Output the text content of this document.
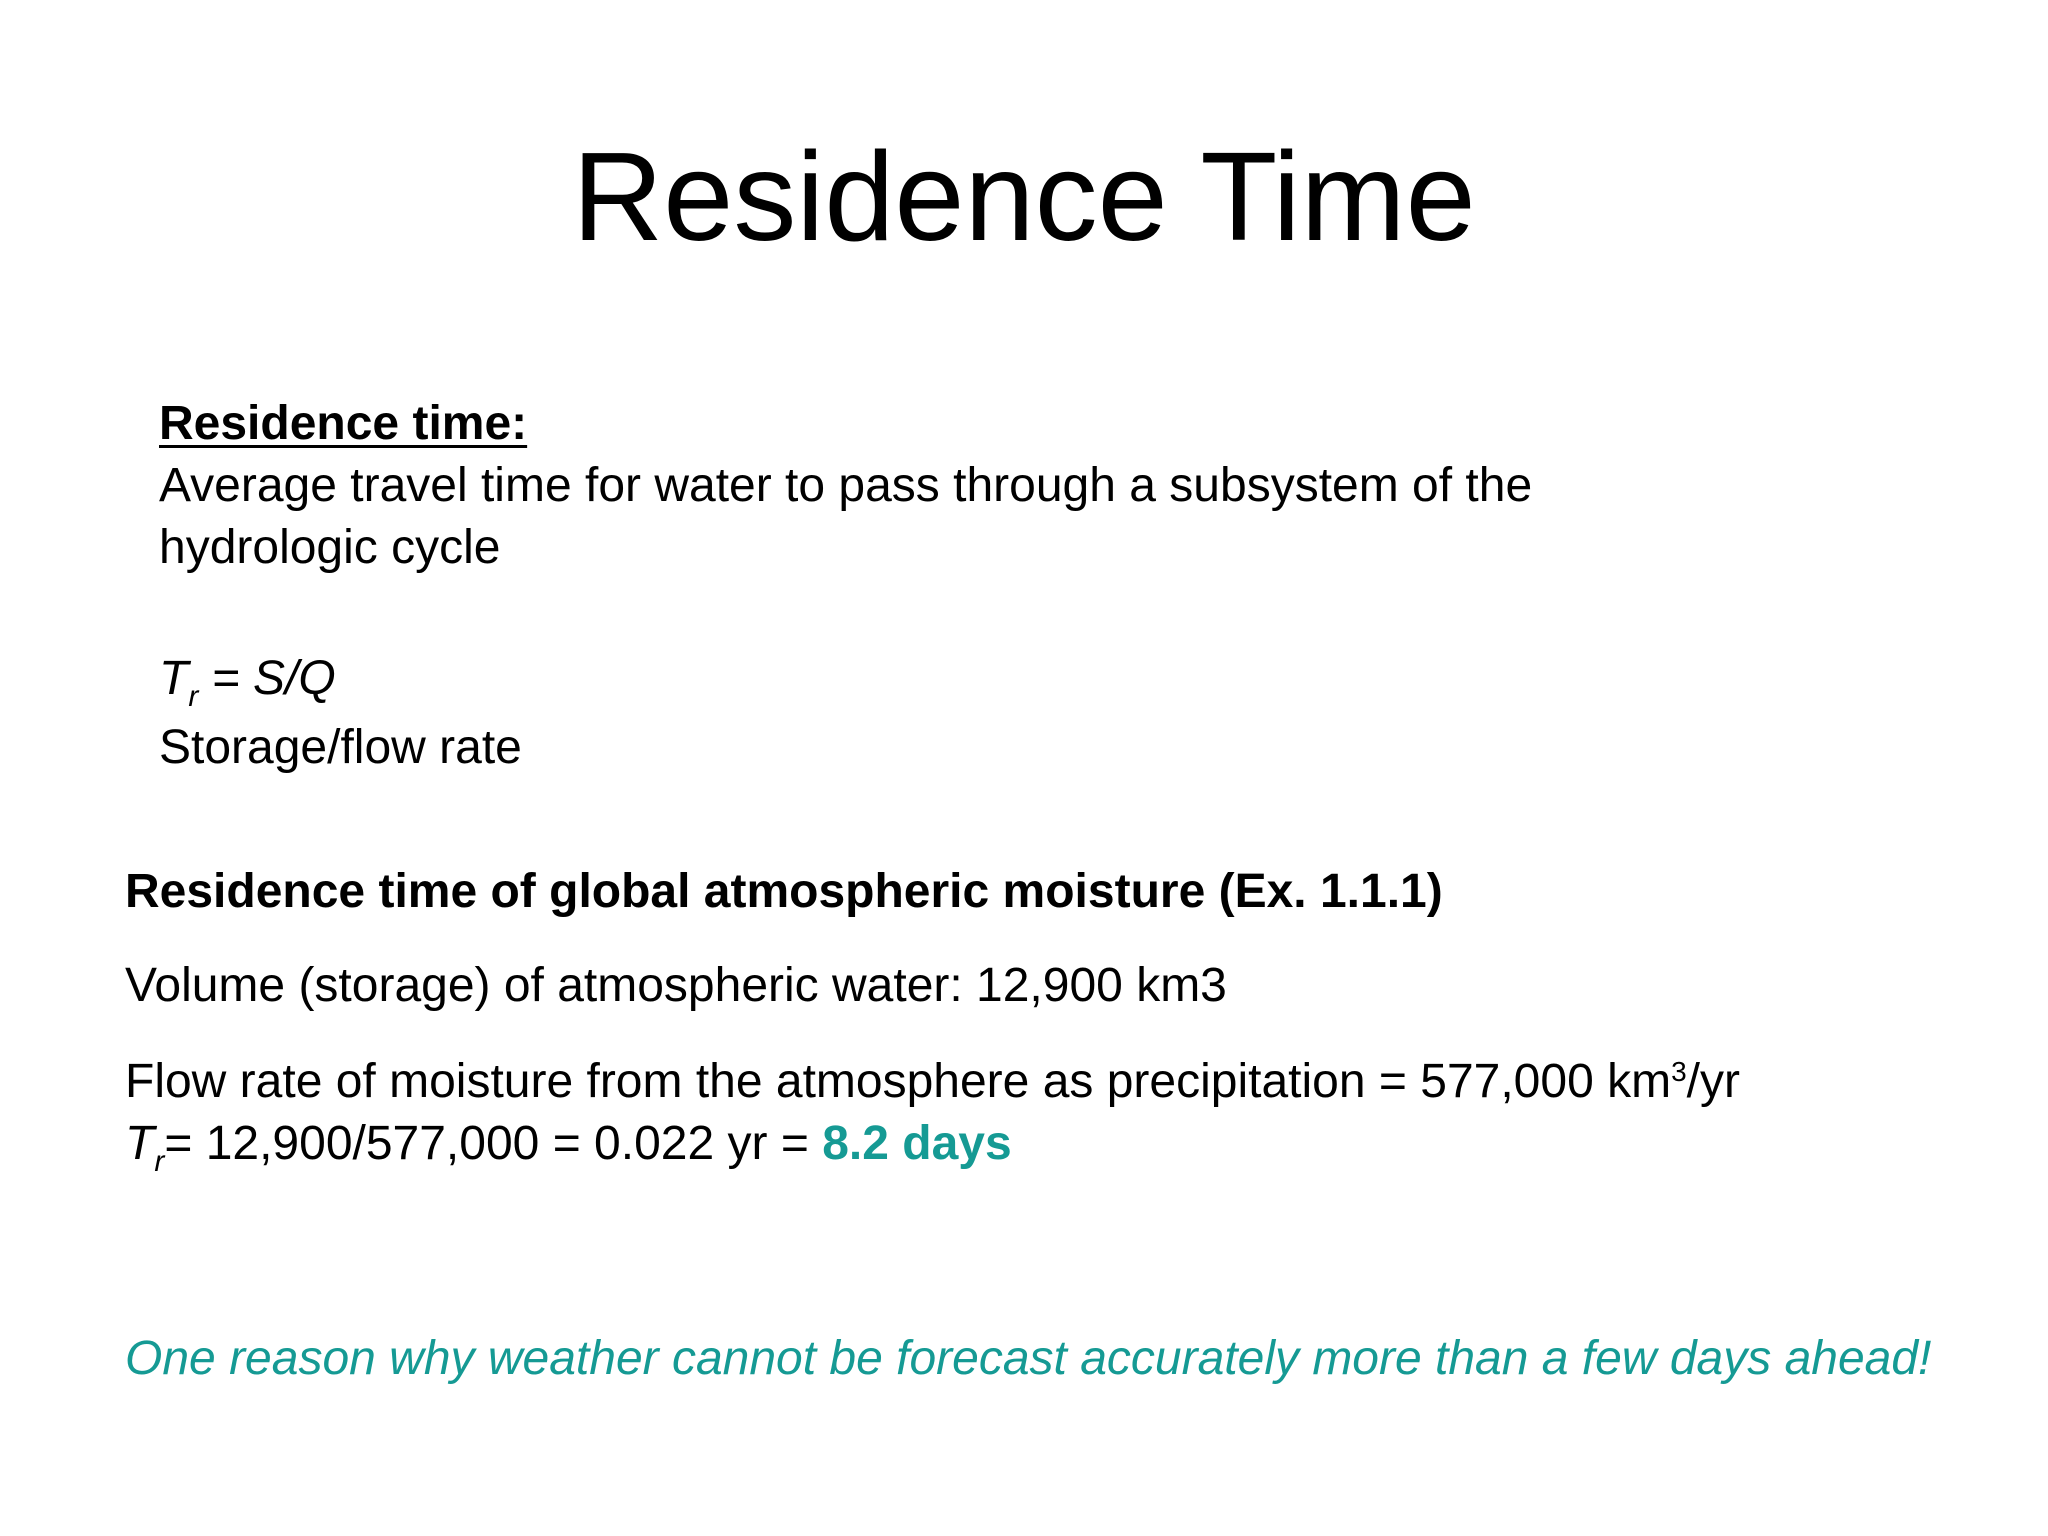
Residence Time
Residence time:
Average travel time for water to pass through a subsystem of the hydrologic cycle
$T_r = S/Q$
Storage/flow rate
Residence time of global atmospheric moisture (Ex. 1.1.1)
Volume (storage) of atmospheric water: 12,900 km3
Flow rate of moisture from the atmosphere as precipitation = 577,000 $km^3/yr$
$T_r= 12,900/577,000 = 0.022$ yr = 8.2 days
One reason why weather cannot be forecast accurately more than a few days ahead!
